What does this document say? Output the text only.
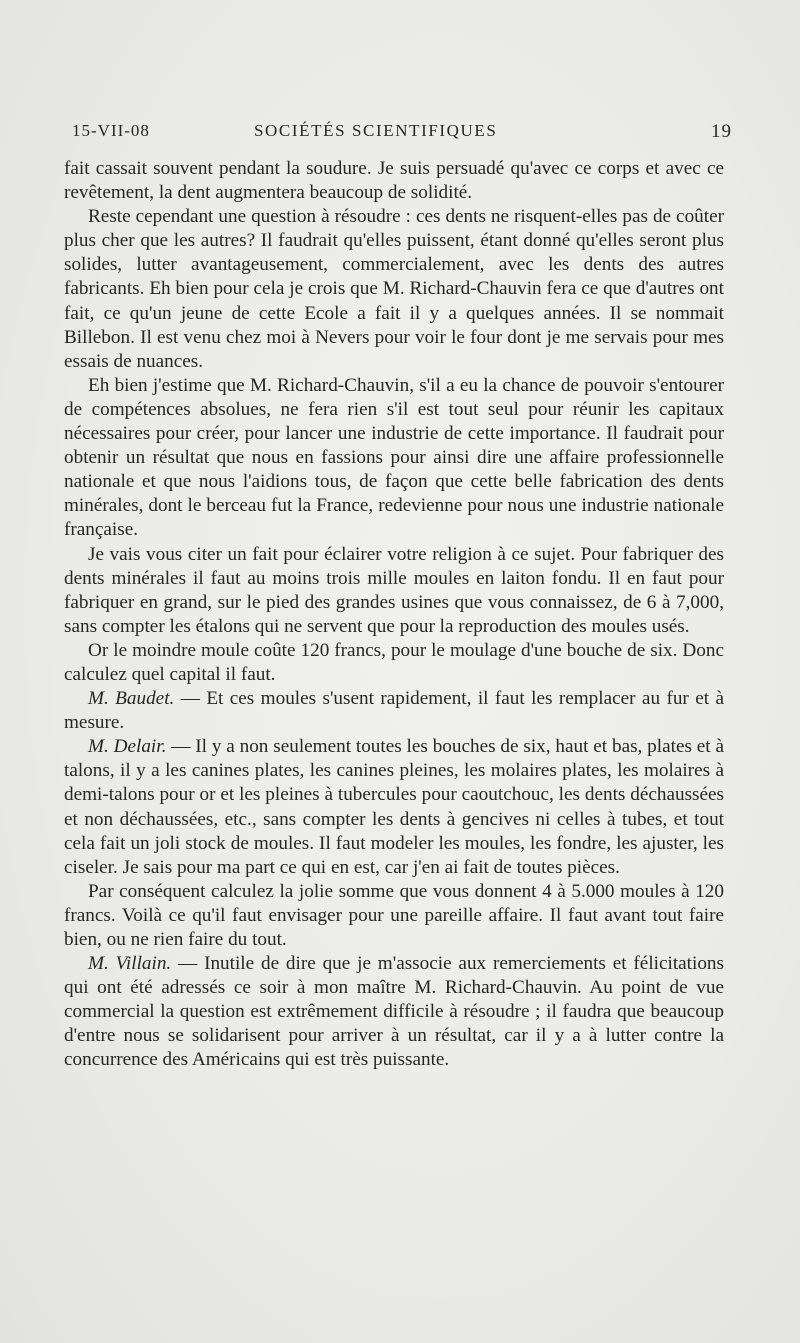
15-VII-08	SOCIÉTÉS SCIENTIFIQUES	19

fait cassait souvent pendant la soudure. Je suis persuadé qu'avec ce corps et avec ce revêtement, la dent augmentera beaucoup de solidité.

Reste cependant une question à résoudre : ces dents ne risquent-elles pas de coûter plus cher que les autres? Il faudrait qu'elles puissent, étant donné qu'elles seront plus solides, lutter avantageusement, commercialement, avec les dents des autres fabricants. Eh bien pour cela je crois que M. Richard-Chauvin fera ce que d'autres ont fait, ce qu'un jeune de cette Ecole a fait il y a quelques années. Il se nommait Billebon. Il est venu chez moi à Nevers pour voir le four dont je me servais pour mes essais de nuances.

Eh bien j'estime que M. Richard-Chauvin, s'il a eu la chance de pouvoir s'entourer de compétences absolues, ne fera rien s'il est tout seul pour réunir les capitaux nécessaires pour créer, pour lancer une industrie de cette importance. Il faudrait pour obtenir un résultat que nous en fassions pour ainsi dire une affaire professionnelle nationale et que nous l'aidions tous, de façon que cette belle fabrication des dents minérales, dont le berceau fut la France, redevienne pour nous une industrie nationale française.

Je vais vous citer un fait pour éclairer votre religion à ce sujet. Pour fabriquer des dents minérales il faut au moins trois mille moules en laiton fondu. Il en faut pour fabriquer en grand, sur le pied des grandes usines que vous connaissez, de 6 à 7,000, sans compter les étalons qui ne servent que pour la reproduction des moules usés.

Or le moindre moule coûte 120 francs, pour le moulage d'une bouche de six. Donc calculez quel capital il faut.

M. Baudet. — Et ces moules s'usent rapidement, il faut les remplacer au fur et à mesure.

M. Delair. — Il y a non seulement toutes les bouches de six, haut et bas, plates et à talons, il y a les canines plates, les canines pleines, les molaires plates, les molaires à demi-talons pour or et les pleines à tubercules pour caoutchouc, les dents déchaussées et non déchaussées, etc., sans compter les dents à gencives ni celles à tubes, et tout cela fait un joli stock de moules. Il faut modeler les moules, les fondre, les ajuster, les ciseler. Je sais pour ma part ce qui en est, car j'en ai fait de toutes pièces.

Par conséquent calculez la jolie somme que vous donnent 4 à 5.000 moules à 120 francs. Voilà ce qu'il faut envisager pour une pareille affaire. Il faut avant tout faire bien, ou ne rien faire du tout.

M. Villain. — Inutile de dire que je m'associe aux remerciements et félicitations qui ont été adressés ce soir à mon maître M. Richard-Chauvin. Au point de vue commercial la question est extrêmement difficile à résoudre ; il faudra que beaucoup d'entre nous se solidarisent pour arriver à un résultat, car il y a à lutter contre la concurrence des Américains qui est très puissante.
